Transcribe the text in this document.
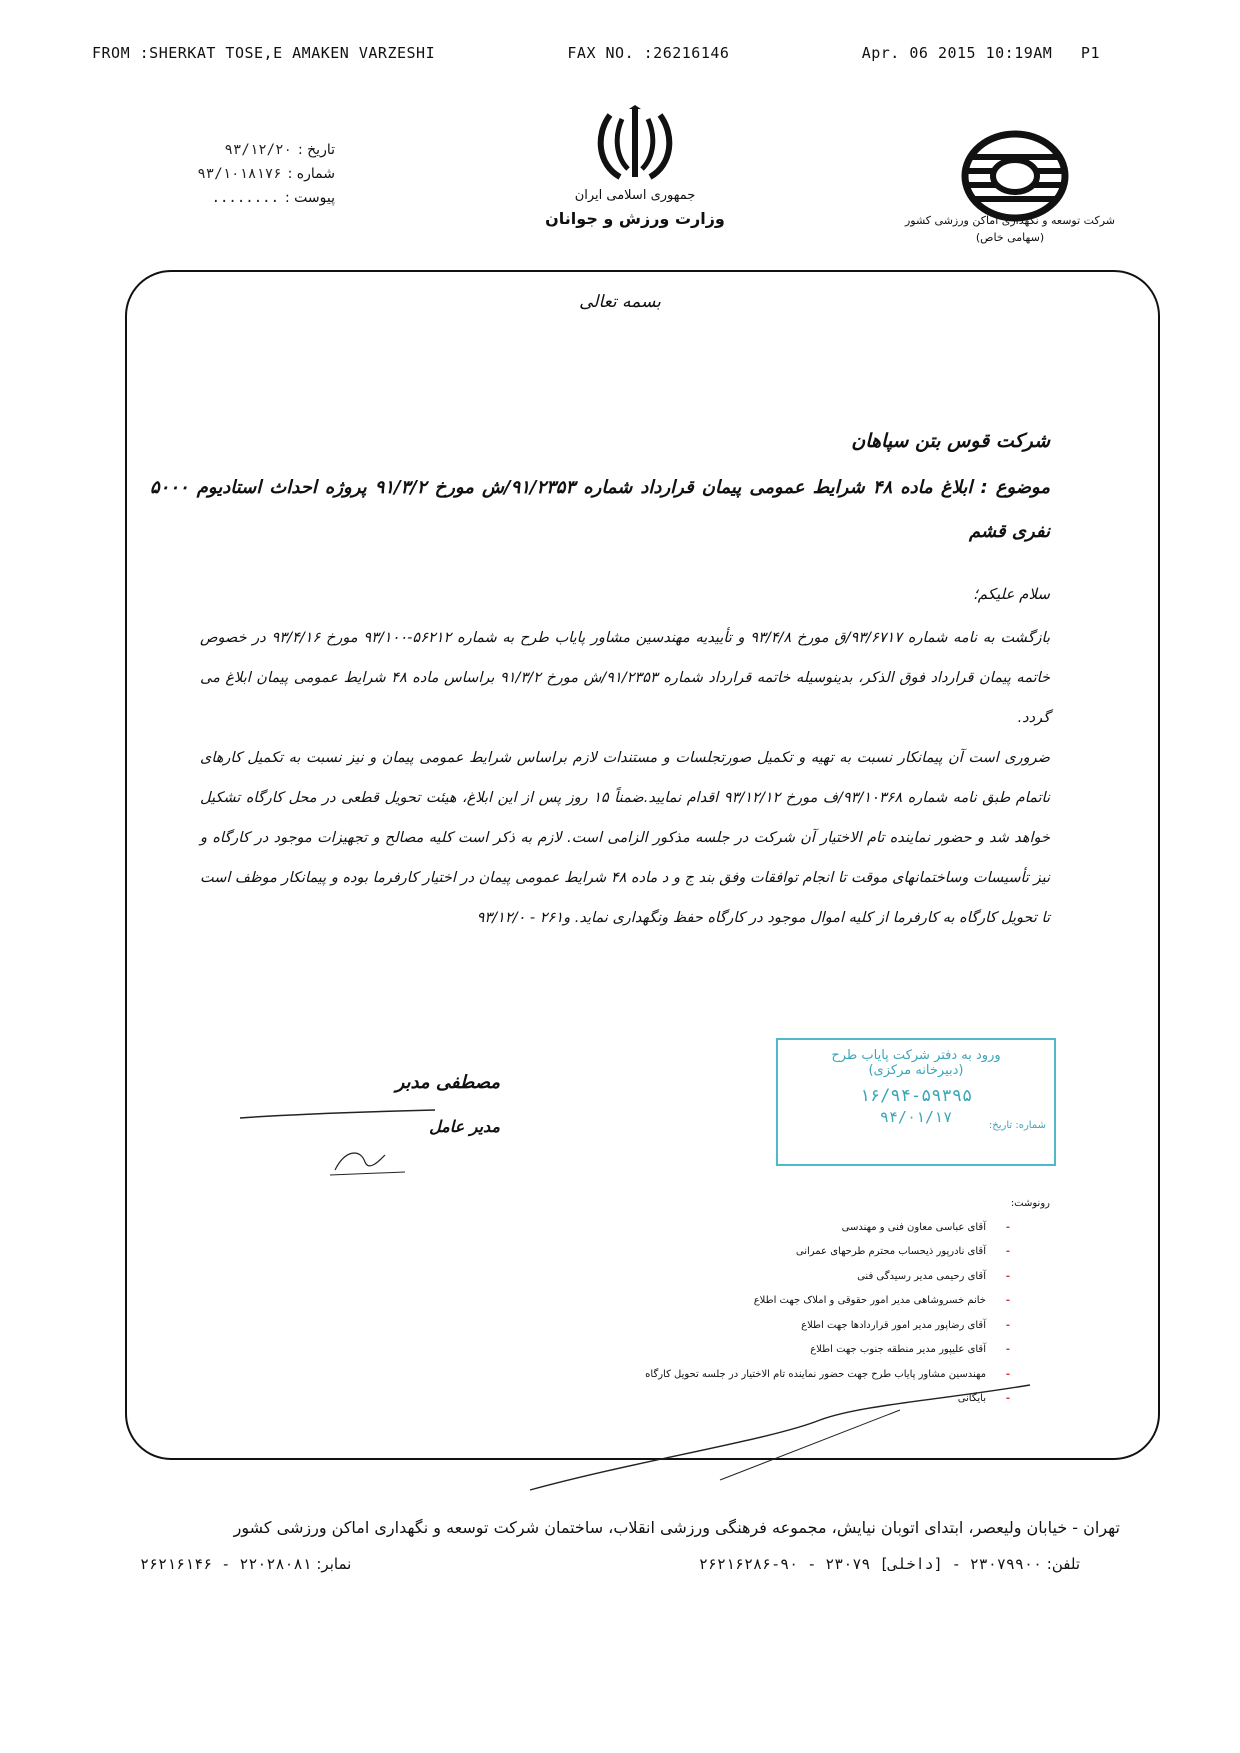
FROM :SHERKAT TOSE,E AMAKEN VARZESHI	FAX NO. :26216146	Apr. 06 2015 10:19AM P1
جمهوری اسلامی ایران
وزارت ورزش و جوانان	شرکت توسعه و نگهداری اماکن ورزشی کشور
(سهامی خاص)
تاریخ :
۹۳/۱۲/۲۰
شماره :
۹۳/۱۰۱۸۱۷۶
پیوست :
........
بسمه تعالی
شرکت قوس بتن سپاهان
موضوع : ابلاغ ماده ۴۸ شرایط عمومی پیمان قرارداد شماره ۹۱/۲۳۵۳/ش مورخ ۹۱/۳/۲ پروژه احداث استادیوم ۵۰۰۰ نفری قشم
سلام علیکم؛

بازگشت به نامه شماره ۹۳/۶۷۱۷/ق مورخ ۹۳/۴/۸ و تأییدیه مهندسین مشاور پایاب طرح به شماره ۵۶۲۱۲-۹۳/۱۰۰ مورخ ۹۳/۴/۱۶ در خصوص خاتمه پیمان قرارداد فوق الذکر، بدینوسیله خاتمه قرارداد شماره ۹۱/۲۳۵۳/ش مورخ ۹۱/۳/۲ براساس ماده ۴۸ شرایط عمومی پیمان ابلاغ می گردد.

ضروری است آن پیمانکار نسبت به تهیه و تکمیل صورتجلسات و مستندات لازم براساس شرایط عمومی پیمان و نیز نسبت به تکمیل کارهای ناتمام طبق نامه شماره ۹۳/۱۰۳۶۸/ف مورخ ۹۳/۱۲/۱۲ اقدام نمایید.ضمناً ۱۵ روز پس از این ابلاغ، هیئت تحویل قطعی در محل کارگاه تشکیل خواهد شد و حضور نماینده تام الاختیار آن شرکت در جلسه مذکور الزامی است. لازم به ذکر است کلیه مصالح و تجهیزات موجود در کارگاه و نیز تأسیسات وساختمانهای موقت تا انجام توافقات وفق بند ج و د ماده ۴۸ شرایط عمومی پیمان در اختیار کارفرما بوده و پیمانکار موظف است تا تحویل کارگاه به کارفرما از کلیه اموال موجود در کارگاه حفظ ونگهداری نماید. و۲۶۱ - ۹۳/۱۲/۰

ورود به دفتر شرکت پایاب طرح
(دبیرخانه مرکزی)
۱۶/۹۴-۵۹۳۹۵
۹۴/۰۱/۱۷	شماره: تاریخ:
مصطفی مدبر
مدیر عامل
رونوشت:
-
آقای عباسی معاون فنی و مهندسی
-
آقای نادرپور ذیحساب محترم طرحهای عمرانی
-
آقای رحیمی مدیر رسیدگی فنی
-
خانم خسروشاهی مدیر امور حقوقی و املاک جهت اطلاع
-
آقای رضاپور مدیر امور قراردادها جهت اطلاع
-
آقای علیپور مدیر منطقه جنوب جهت اطلاع
-
مهندسین مشاور پایاب طرح جهت حضور نماینده تام الاختیار در جلسه تحویل کارگاه
-
بایگانی
تهران - خیابان ولیعصر، ابتدای اتوبان نیایش، مجموعه فرهنگی ورزشی انقلاب، ساختمان شرکت توسعه و نگهداری اماکن ورزشی کشور
تلفن: ۲۳۰۷۹۹۰۰ - [داخلی] ۲۳۰۷۹ - ۹۰-۲۶۲۱۶۲۸۶
نمابر: ۲۲۰۲۸۰۸۱ - ۲۶۲۱۶۱۴۶
